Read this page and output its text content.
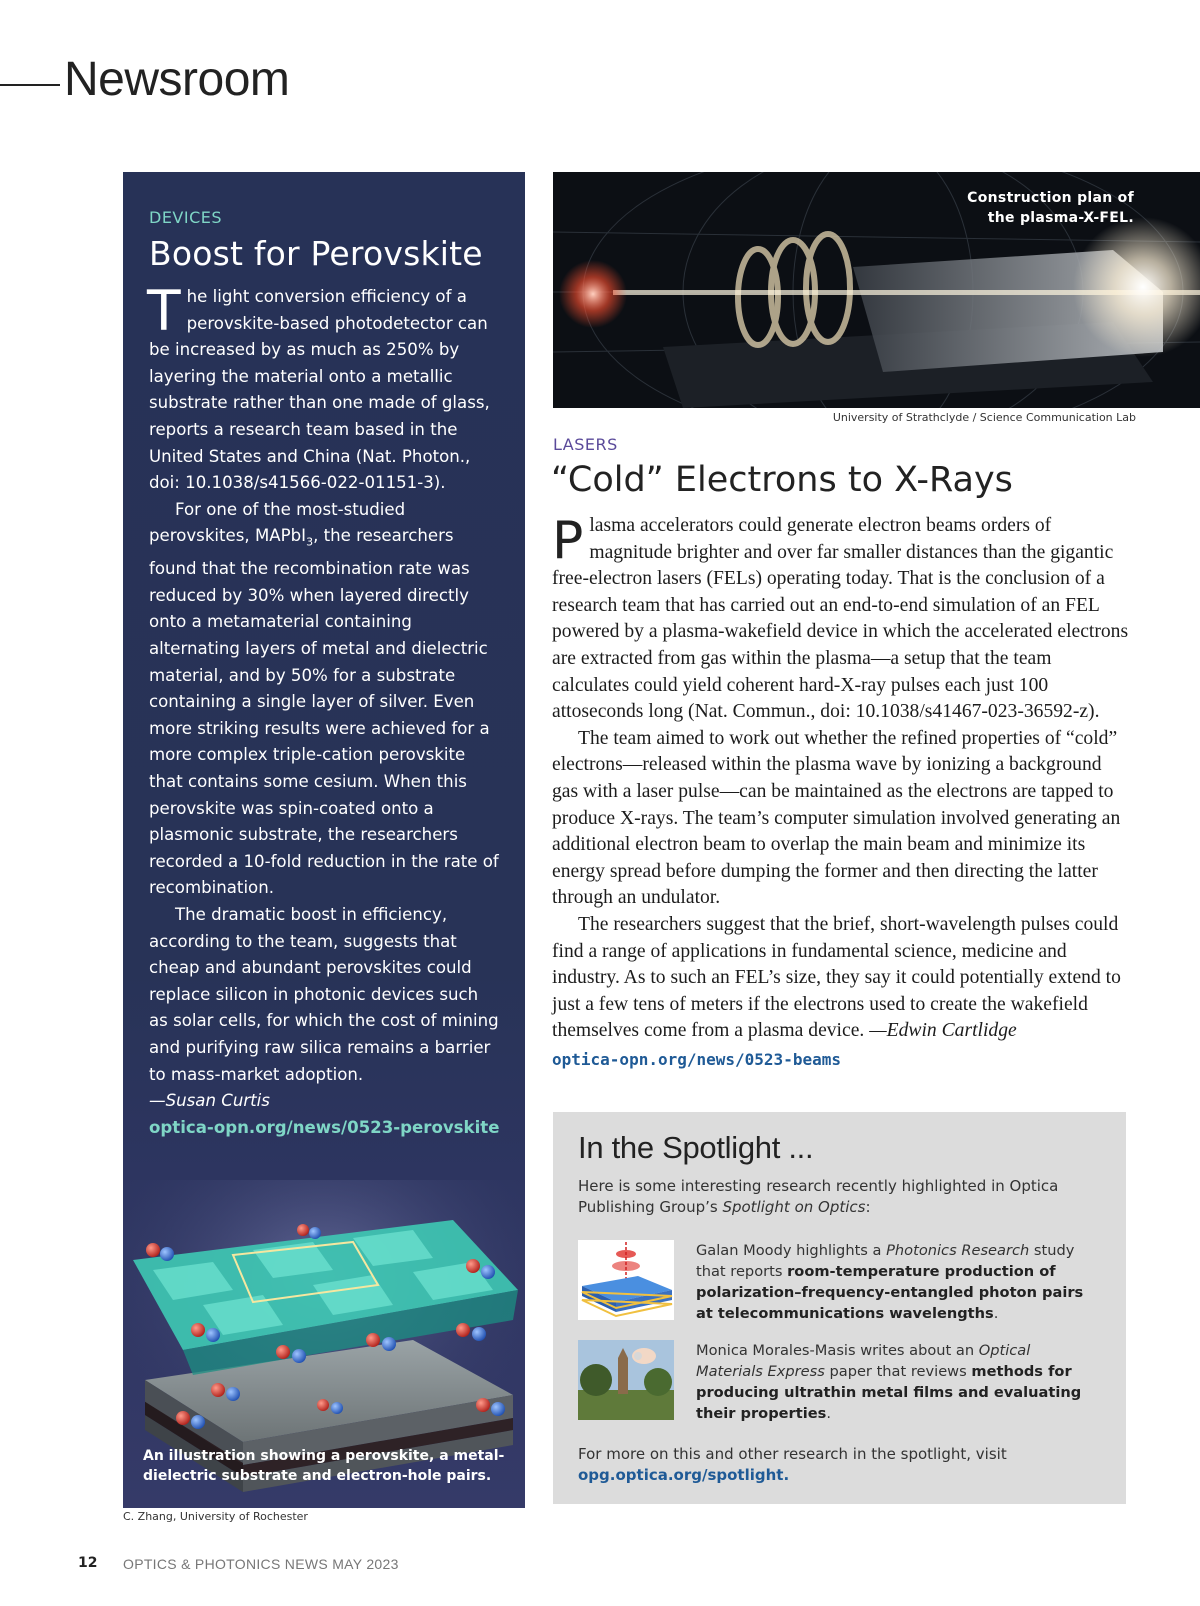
Newsroom
DEVICES
Boost for Perovskite

The light conversion efficiency of a perovskite-based photodetector can be increased by as much as 250% by layering the material onto a metallic substrate rather than one made of glass, reports a research team based in the United States and China (Nat. Photon., doi: 10.1038/s41566-022-01151-3).

For one of the most-studied perovskites, MAPbI$_3$, the researchers found that the recombination rate was reduced by 30% when layered directly onto a metamaterial containing alternating layers of metal and dielectric material, and by 50% for a substrate containing a single layer of silver. Even more striking results were achieved for a more complex triple-cation perovskite that contains some cesium. When this perovskite was spin-coated onto a plasmonic substrate, the researchers recorded a 10-fold reduction in the rate of recombination.

The dramatic boost in efficiency, according to the team, suggests that cheap and abundant perovskites could replace silicon in photonic devices such as solar cells, for which the cost of mining and purifying raw silica remains a barrier to mass-market adoption.

—Susan Curtis
optica-opn.org/news/0523-perovskite
An illustration showing a perovskite, a metal-dielectric substrate and electron-hole pairs.
C. Zhang, University of Rochester
Construction plan of
the plasma-X-FEL.
University of Strathclyde / Science Communication Lab
LASERS
“Cold” Electrons to X-Rays

Plasma accelerators could generate electron beams orders of magnitude brighter and over far smaller distances than the gigantic free-electron lasers (FELs) operating today. That is the conclusion of a research team that has carried out an end-to-end simulation of an FEL powered by a plasma-wakefield device in which the accelerated electrons are extracted from gas within the plasma—a setup that the team calculates could yield coherent hard-X-ray pulses each just 100 attoseconds long (Nat. Commun., doi: 10.1038/s41467-023-36592-z).

The team aimed to work out whether the refined properties of “cold” electrons—released within the plasma wave by ionizing a background gas with a laser pulse—can be maintained as the electrons are tapped to produce X-rays. The team’s computer simulation involved generating an additional electron beam to overlap the main beam and minimize its energy spread before dumping the former and then directing the latter through an undulator.

The researchers suggest that the brief, short-wavelength pulses could find a range of applications in fundamental science, medicine and industry. As to such an FEL’s size, they say it could potentially extend to just a few tens of meters if the electrons used to create the wakefield themselves come from a plasma device. —Edwin Cartlidge

optica-opn.org/news/0523-beams
In the Spotlight ...
Here is some interesting research recently highlighted in Optica Publishing Group’s Spotlight on Optics:
Galan Moody highlights a Photonics Research study that reports room-temperature production of polarization–frequency-entangled photon pairs at telecommunications wavelengths.
Monica Morales-Masis writes about an Optical Materials Express paper that reviews methods for producing ultrathin metal films and evaluating their properties.
For more on this and other research in the spotlight, visit opg.optica.org/spotlight.
12 OPTICS & PHOTONICS NEWS MAY 2023
